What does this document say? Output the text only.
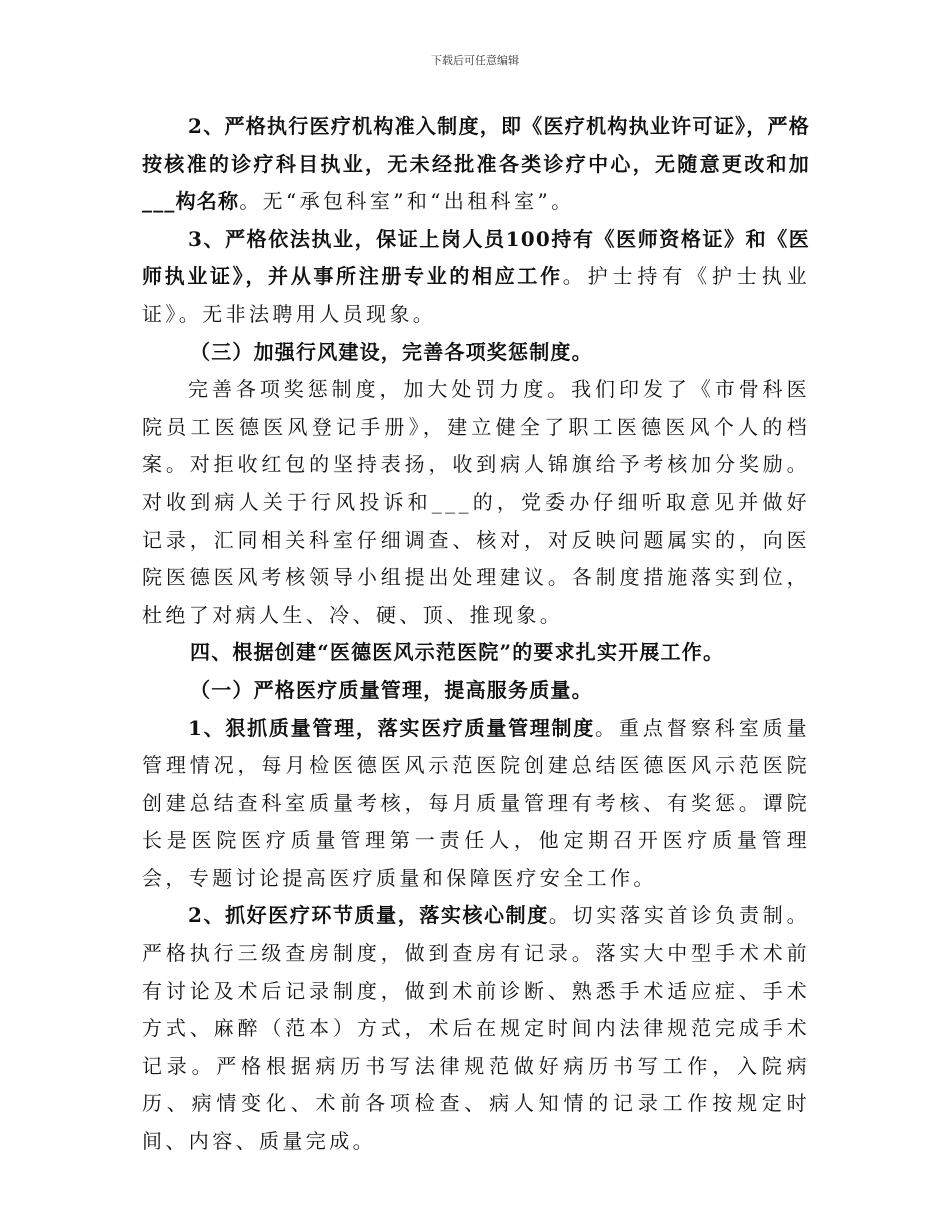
下载后可任意编辑

2、严格执行医疗机构准入制度，即《医疗机构执业许可证》，严格按核准的诊疗科目执业，无未经批准各类诊疗中心，无随意更改和加___构名称。无“承包科室”和“出租科室”。

3、严格依法执业，保证上岗人员100持有《医师资格证》和《医师执业证》，并从事所注册专业的相应工作。护士持有《护士执业证》。无非法聘用人员现象。

（三）加强行风建设，完善各项奖惩制度。

完善各项奖惩制度，加大处罚力度。我们印发了《市骨科医院员工医德医风登记手册》，建立健全了职工医德医风个人的档案。对拒收红包的坚持表扬，收到病人锦旗给予考核加分奖励。对收到病人关于行风投诉和___的，党委办仔细听取意见并做好记录，汇同相关科室仔细调查、核对，对反映问题属实的，向医院医德医风考核领导小组提出处理建议。各制度措施落实到位，杜绝了对病人生、冷、硬、顶、推现象。

四、根据创建“医德医风示范医院”的要求扎实开展工作。

（一）严格医疗质量管理，提高服务质量。

1、狠抓质量管理，落实医疗质量管理制度。重点督察科室质量管理情况，每月检医德医风示范医院创建总结医德医风示范医院创建总结查科室质量考核，每月质量管理有考核、有奖惩。谭院长是医院医疗质量管理第一责任人，他定期召开医疗质量管理会，专题讨论提高医疗质量和保障医疗安全工作。

2、抓好医疗环节质量，落实核心制度。切实落实首诊负责制。严格执行三级查房制度，做到查房有记录。落实大中型手术术前有讨论及术后记录制度，做到术前诊断、熟悉手术适应症、手术方式、麻醉（范本）方式，术后在规定时间内法律规范完成手术记录。严格根据病历书写法律规范做好病历书写工作，入院病历、病情变化、术前各项检查、病人知情的记录工作按规定时间、内容、质量完成。
